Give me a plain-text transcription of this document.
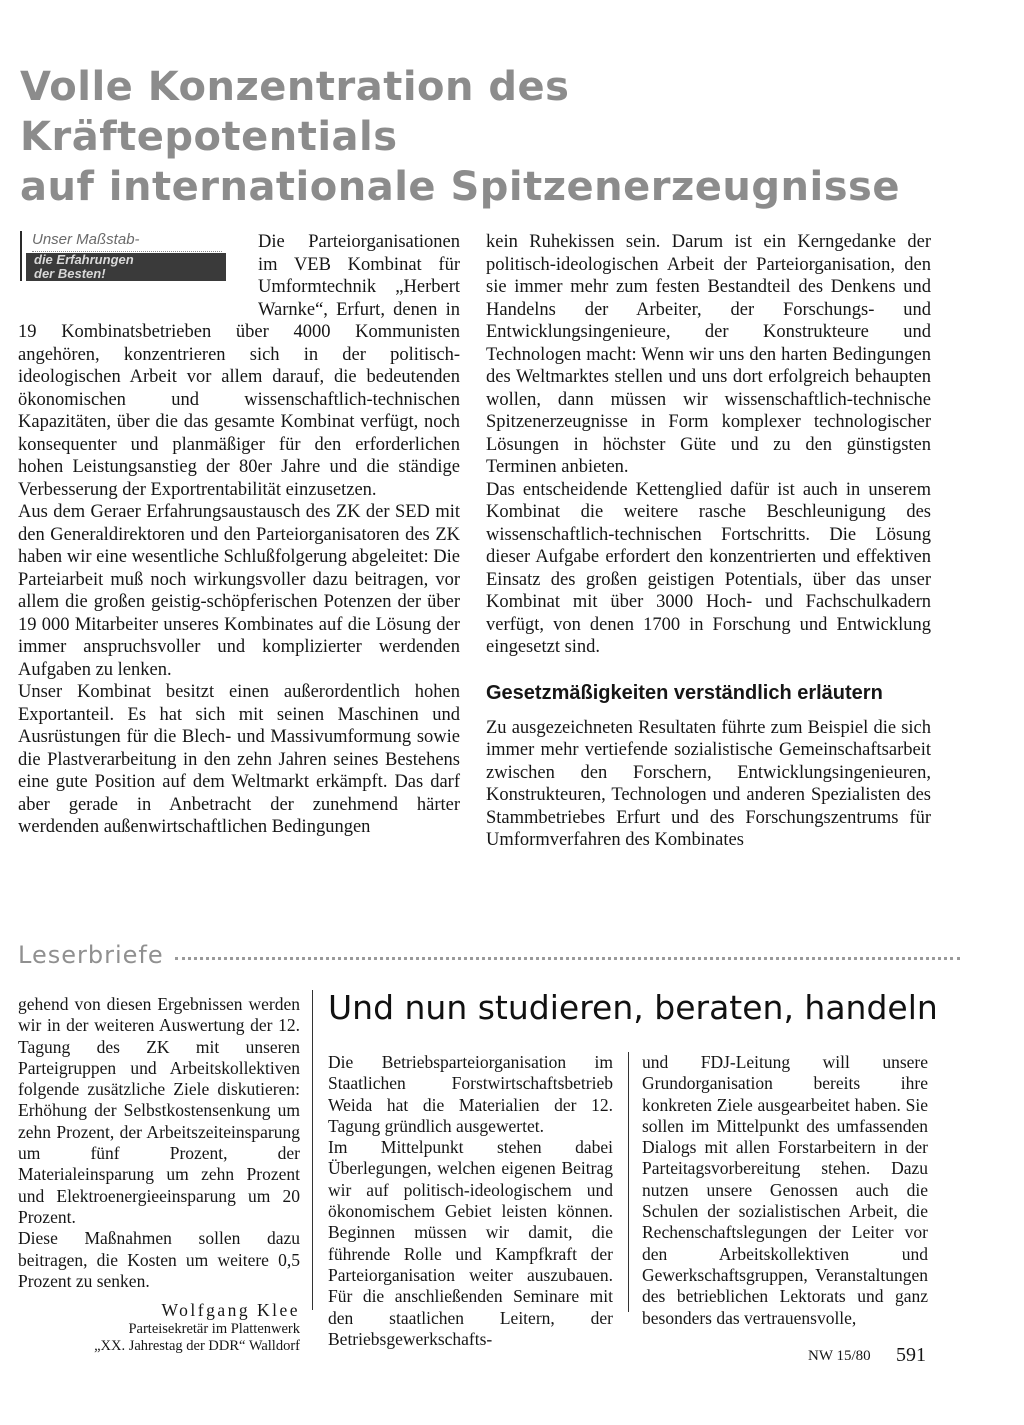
Volle Konzentration des Kräftepotentials
auf internationale Spitzenerzeugnisse
Unser Maßstab-
die Erfahrungen
der Besten!

Die Parteiorganisationen im VEB Kombinat für Umformtechnik „Herbert Warnke“, Erfurt, denen in 19 Kombinatsbetrieben über 4000 Kommunisten angehören, konzentrieren sich in der politisch-ideologischen Arbeit vor allem darauf, die bedeutenden ökonomischen und wissenschaftlich-technischen Kapazitäten, über die das gesamte Kombinat verfügt, noch konsequenter und planmäßiger für den erforderlichen hohen Leistungsanstieg der 80er Jahre und die ständige Verbesserung der Exportrentabilität einzusetzen.

Aus dem Geraer Erfahrungsaustausch des ZK der SED mit den Generaldirektoren und den Parteiorganisatoren des ZK haben wir eine wesentliche Schlußfolgerung abgeleitet: Die Parteiarbeit muß noch wirkungsvoller dazu beitragen, vor allem die großen geistig-schöpferischen Potenzen der über 19 000 Mitarbeiter unseres Kombinates auf die Lösung der immer anspruchsvoller und komplizierter werdenden Aufgaben zu lenken.

Unser Kombinat besitzt einen außerordentlich hohen Exportanteil. Es hat sich mit seinen Maschinen und Ausrüstungen für die Blech- und Massivumformung sowie die Plastverarbeitung in den zehn Jahren seines Bestehens eine gute Position auf dem Weltmarkt erkämpft. Das darf aber gerade in Anbetracht der zunehmend härter werdenden außenwirtschaftlichen Bedingungen

kein Ruhekissen sein. Darum ist ein Kerngedanke der politisch-ideologischen Arbeit der Parteiorganisation, den sie immer mehr zum festen Bestandteil des Denkens und Handelns der Arbeiter, der Forschungs- und Entwicklungsingenieure, der Konstrukteure und Technologen macht: Wenn wir uns den harten Bedingungen des Weltmarktes stellen und uns dort erfolgreich behaupten wollen, dann müssen wir wissenschaftlich-technische Spitzenerzeugnisse in Form komplexer technologischer Lösungen in höchster Güte und zu den günstigsten Terminen anbieten.

Das entscheidende Kettenglied dafür ist auch in unserem Kombinat die weitere rasche Beschleunigung des wissenschaftlich-technischen Fortschritts. Die Lösung dieser Aufgabe erfordert den konzentrierten und effektiven Einsatz des großen geistigen Potentials, über das unser Kombinat mit über 3000 Hoch- und Fachschulkadern verfügt, von denen 1700 in Forschung und Entwicklung eingesetzt sind.

Gesetzmäßigkeiten verständlich erläutern

Zu ausgezeichneten Resultaten führte zum Beispiel die sich immer mehr vertiefende sozialistische Gemeinschaftsarbeit zwischen den Forschern, Entwicklungsingenieuren, Konstrukteuren, Technologen und anderen Spezialisten des Stammbetriebes Erfurt und des Forschungszentrums für Umformverfahren des Kombinates

Leserbriefe

gehend von diesen Ergebnissen werden wir in der weiteren Auswertung der 12. Tagung des ZK mit unseren Parteigruppen und Arbeitskollektiven folgende zusätzliche Ziele diskutieren: Erhöhung der Selbstkostensenkung um zehn Prozent, der Arbeitszeiteinsparung um fünf Prozent, der Materialeinsparung um zehn Prozent und Elektroenergieeinsparung um 20 Prozent.

Diese Maßnahmen sollen dazu beitragen, die Kosten um weitere 0,5 Prozent zu senken.

Wolfgang Klee

Parteisekretär im Plattenwerk
„XX. Jahrestag der DDR“ Walldorf

Und nun studieren, beraten, handeln

Die Betriebsparteiorganisation im Staatlichen Forstwirtschaftsbetrieb Weida hat die Materialien der 12. Tagung gründlich ausgewertet.

Im Mittelpunkt stehen dabei Überlegungen, welchen eigenen Beitrag wir auf politisch-ideologischem und ökonomischem Gebiet leisten können. Beginnen müssen wir damit, die führende Rolle und Kampfkraft der Parteiorganisation weiter auszubauen. Für die anschließenden Seminare mit den staatlichen Leitern, der Betriebsgewerkschafts-

und FDJ-Leitung will unsere Grundorganisation bereits ihre konkreten Ziele ausgearbeitet haben. Sie sollen im Mittelpunkt des umfassenden Dialogs mit allen Forstarbeitern in der Parteitagsvorbereitung stehen. Dazu nutzen unsere Genossen auch die Schulen der sozialistischen Arbeit, die Rechenschaftslegungen der Leiter vor den Arbeitskollektiven und Gewerkschaftsgruppen, Veranstaltungen des betrieblichen Lektorats und ganz besonders das vertrauensvolle,

NW 15/80 591
